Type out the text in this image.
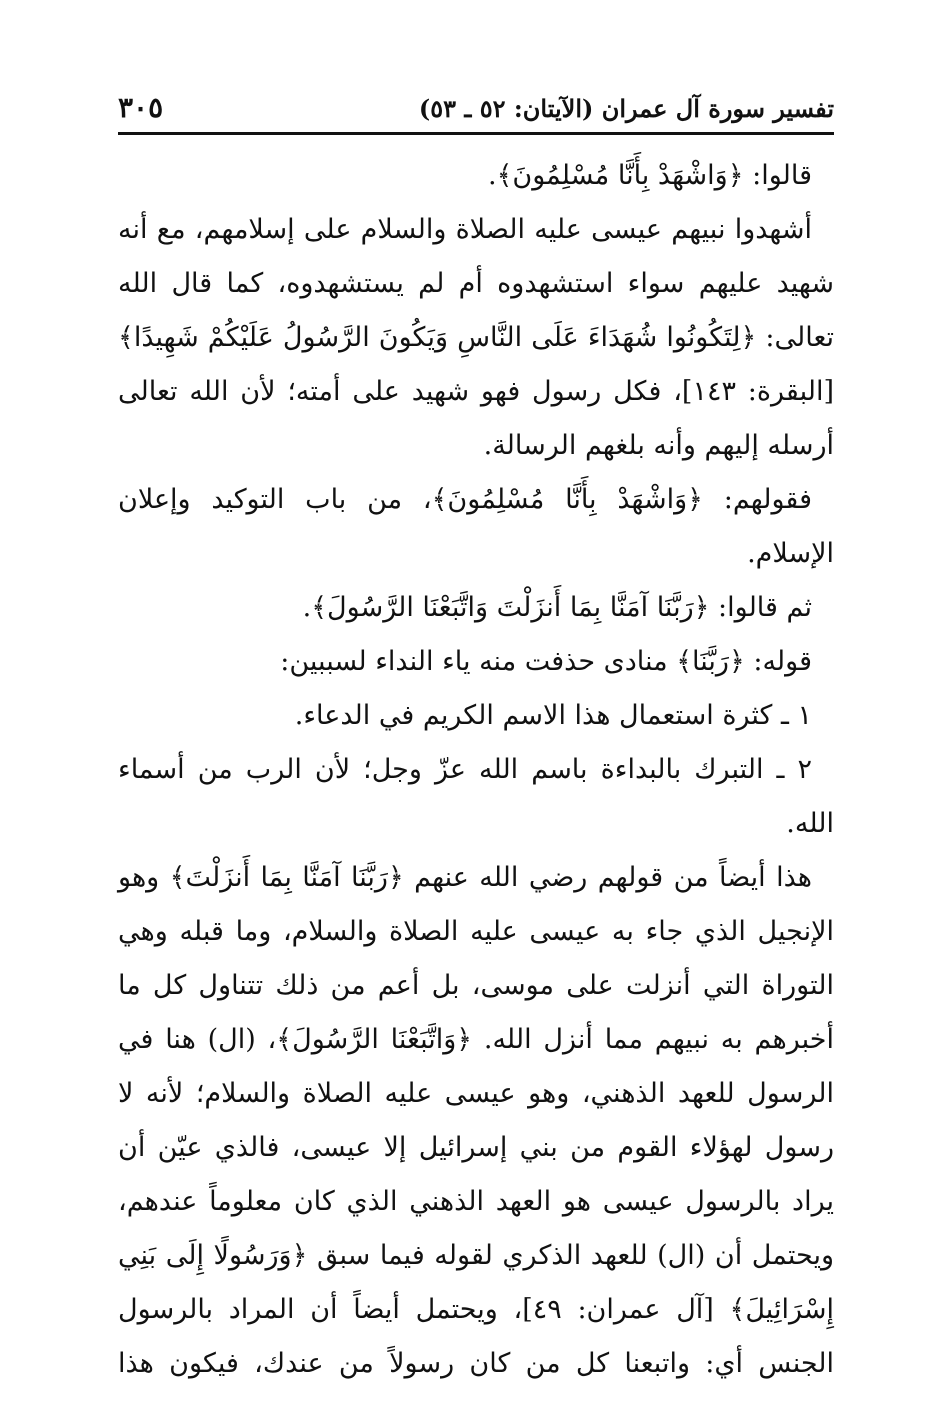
تفسير سورة آل عمران (الآيتان: ٥٢ ـ ٥٣)
٣٠٥

قالوا: ﴿وَاشْهَدْ بِأَنَّا مُسْلِمُونَ﴾.

أشهدوا نبيهم عيسى عليه الصلاة والسلام على إسلامهم، مع أنه شهيد عليهم سواء استشهدوه أم لم يستشهدوه، كما قال الله تعالى: ﴿لِتَكُونُوا شُهَدَاءَ عَلَى النَّاسِ وَيَكُونَ الرَّسُولُ عَلَيْكُمْ شَهِيدًا﴾ [البقرة: ١٤٣]، فكل رسول فهو شهيد على أمته؛ لأن الله تعالى أرسله إليهم وأنه بلغهم الرسالة.

فقولهم: ﴿وَاشْهَدْ بِأَنَّا مُسْلِمُونَ﴾، من باب التوكيد وإعلان الإسلام.

ثم قالوا: ﴿رَبَّنَا آمَنَّا بِمَا أَنزَلْتَ وَاتَّبَعْنَا الرَّسُولَ﴾.

قوله: ﴿رَبَّنَا﴾ منادى حذفت منه ياء النداء لسببين:

١ ـ كثرة استعمال هذا الاسم الكريم في الدعاء.

٢ ـ التبرك بالبداءة باسم الله عزّ وجل؛ لأن الرب من أسماء الله.

هذا أيضاً من قولهم رضي الله عنهم ﴿رَبَّنَا آمَنَّا بِمَا أَنزَلْتَ﴾ وهو الإنجيل الذي جاء به عيسى عليه الصلاة والسلام، وما قبله وهي التوراة التي أنزلت على موسى، بل أعم من ذلك تتناول كل ما أخبرهم به نبيهم مما أنزل الله. ﴿وَاتَّبَعْنَا الرَّسُولَ﴾، (ال) هنا في الرسول للعهد الذهني، وهو عيسى عليه الصلاة والسلام؛ لأنه لا رسول لهؤلاء القوم من بني إسرائيل إلا عيسى، فالذي عيّن أن يراد بالرسول عيسى هو العهد الذهني الذي كان معلوماً عندهم، ويحتمل أن (ال) للعهد الذكري لقوله فيما سبق ﴿وَرَسُولًا إِلَى بَنِي إِسْرَائِيلَ﴾ [آل عمران: ٤٩]، ويحتمل أيضاً أن المراد بالرسول الجنس أي: واتبعنا كل من كان رسولاً من عندك، فيكون هذا
